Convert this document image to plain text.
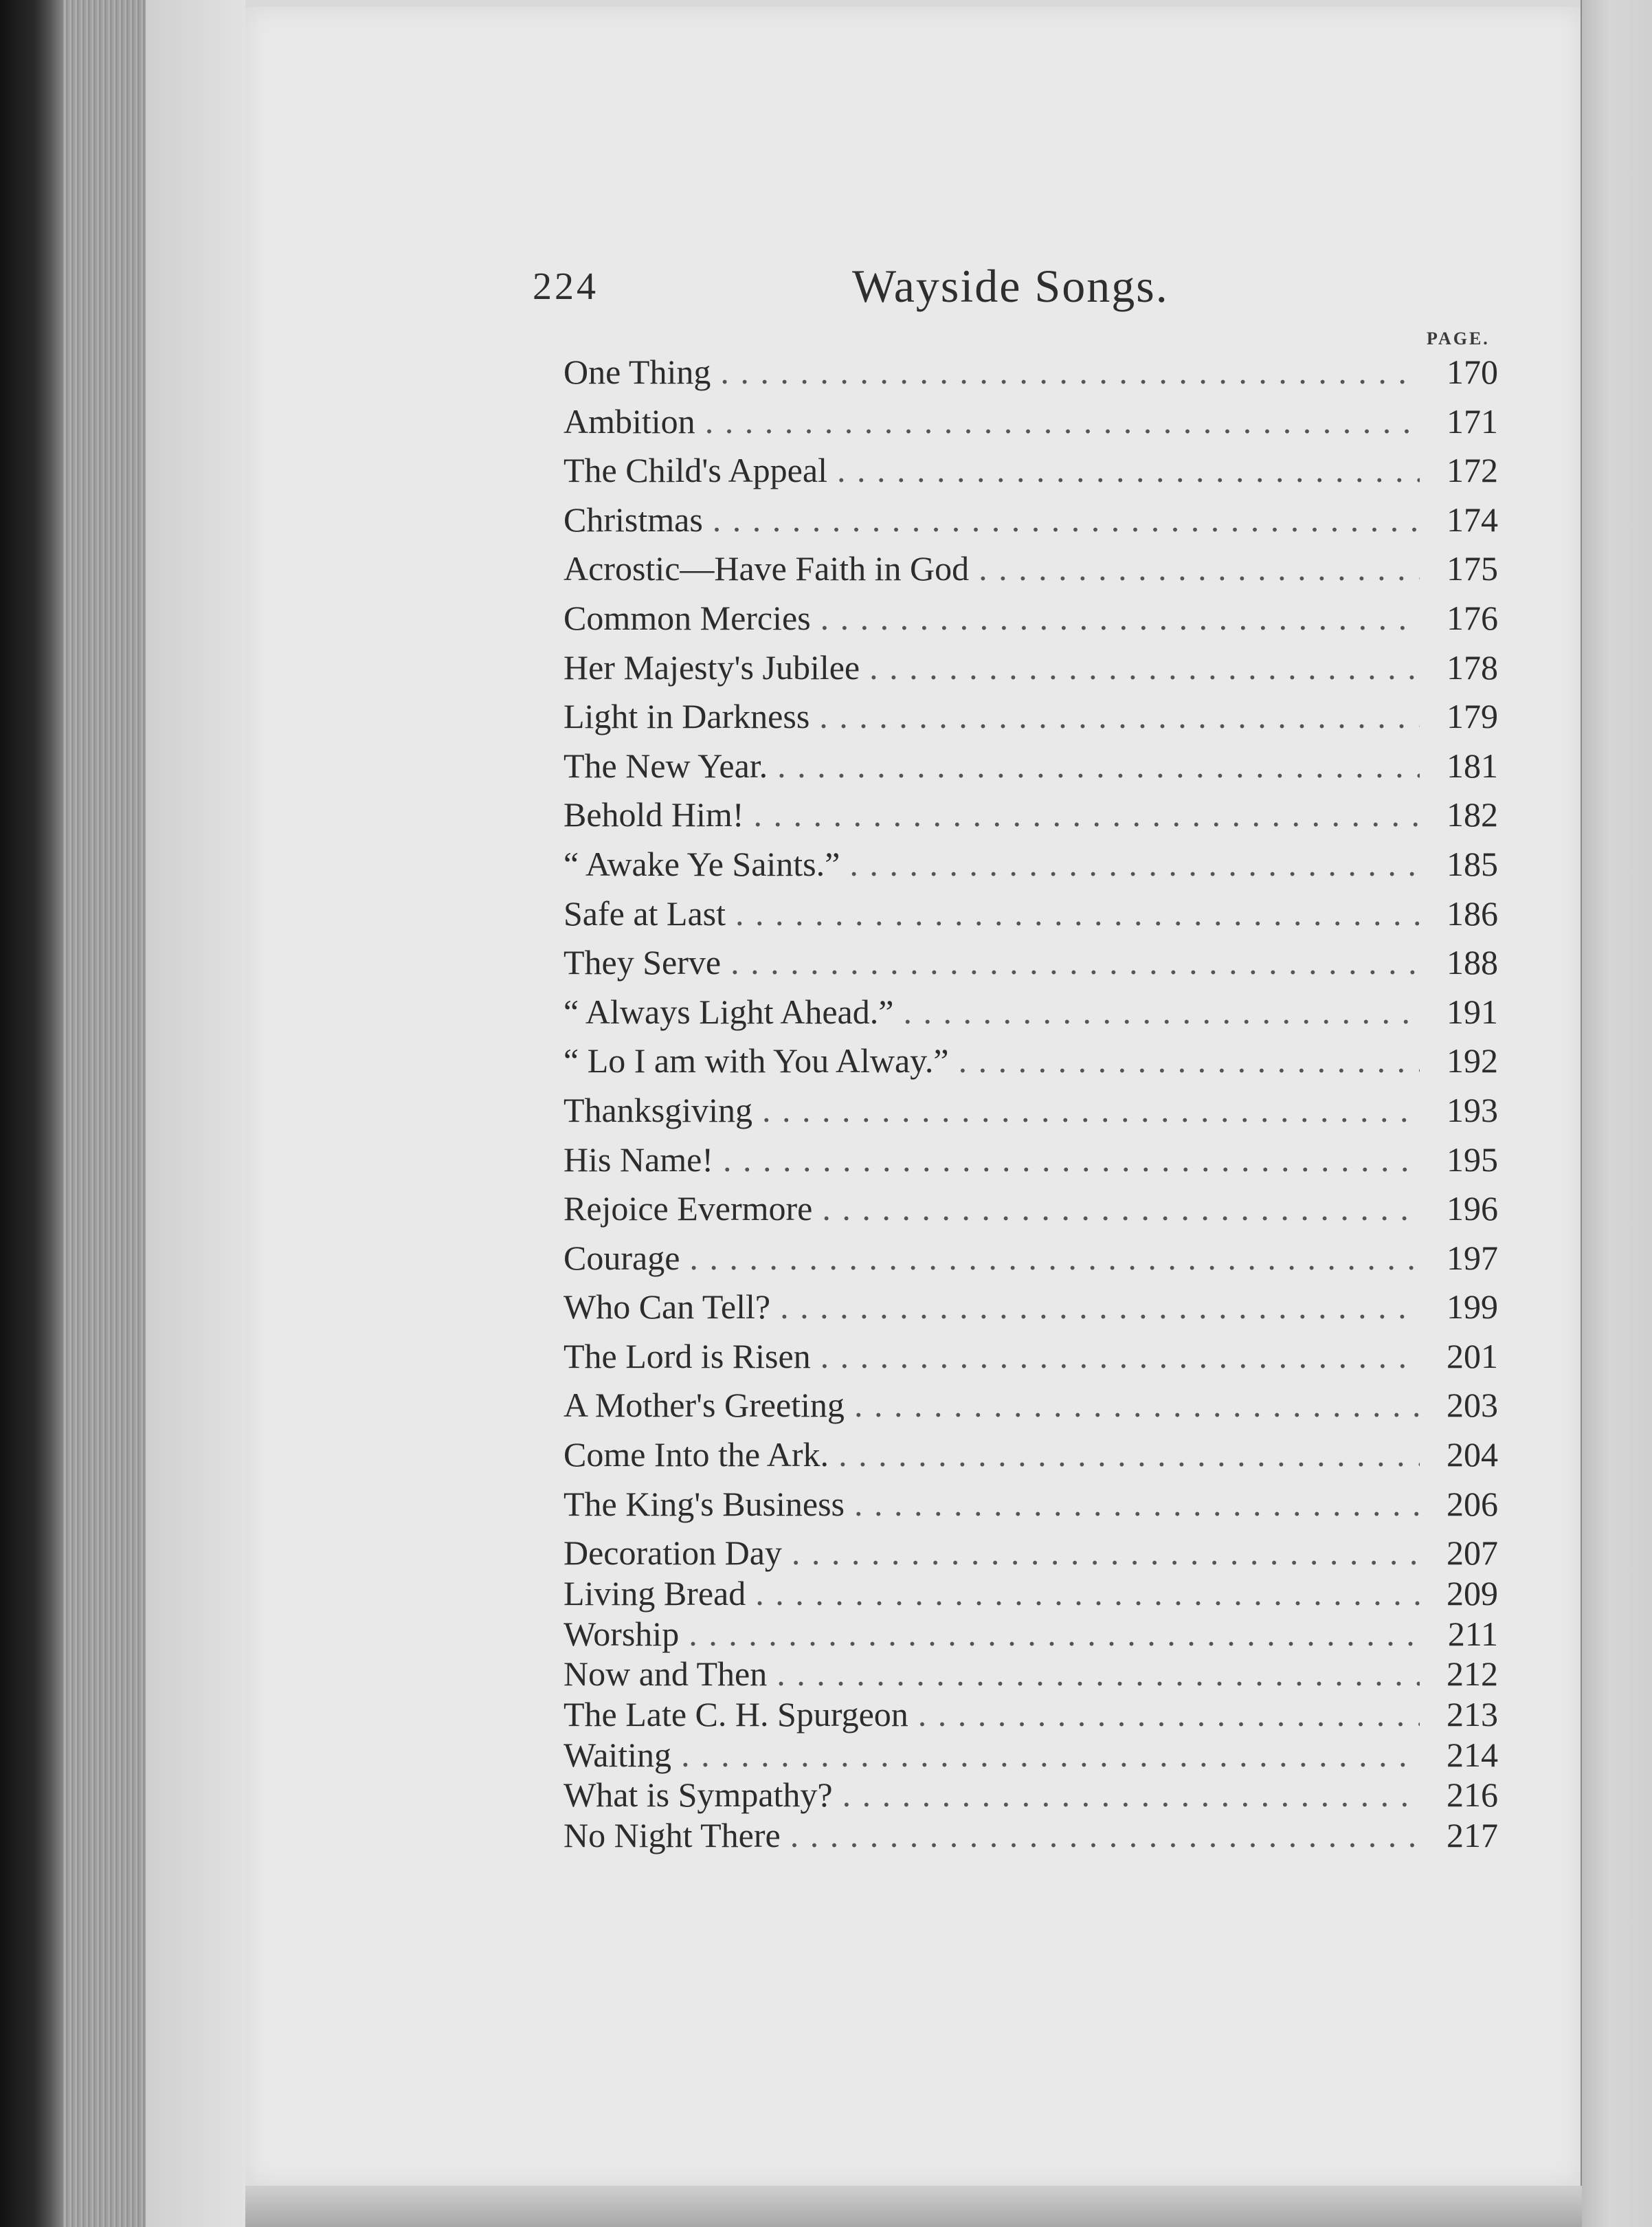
224	Wayside Songs.
PAGE.
One Thing . . .	170
Ambition . . .	171
The Child's Appeal . . .	172
Christmas . . .	174
Acrostic—Have Faith in God . . .	175
Common Mercies . . .	176
Her Majesty's Jubilee . . .	178
Light in Darkness . . .	179
The New Year. . . .	181
Behold Him! . . .	182
“ Awake Ye Saints.” . . .	185
Safe at Last . . .	186
They Serve . . .	188
“ Always Light Ahead.” . . .	191
“ Lo I am with You Alway.” . . .	192
Thanksgiving . . .	193
His Name! . . .	195
Rejoice Evermore . . .	196
Courage . . .	197
Who Can Tell? . . .	199
The Lord is Risen . . .	201
A Mother's Greeting . . .	203
Come Into the Ark. . . .	204
The King's Business . . .	206
Decoration Day . . .	207
Living Bread . . .	209
Worship . . .	211
Now and Then . . .	212
The Late C. H. Spurgeon . . .	213
Waiting . . .	214
What is Sympathy? . . .	216
No Night There . . .	217
